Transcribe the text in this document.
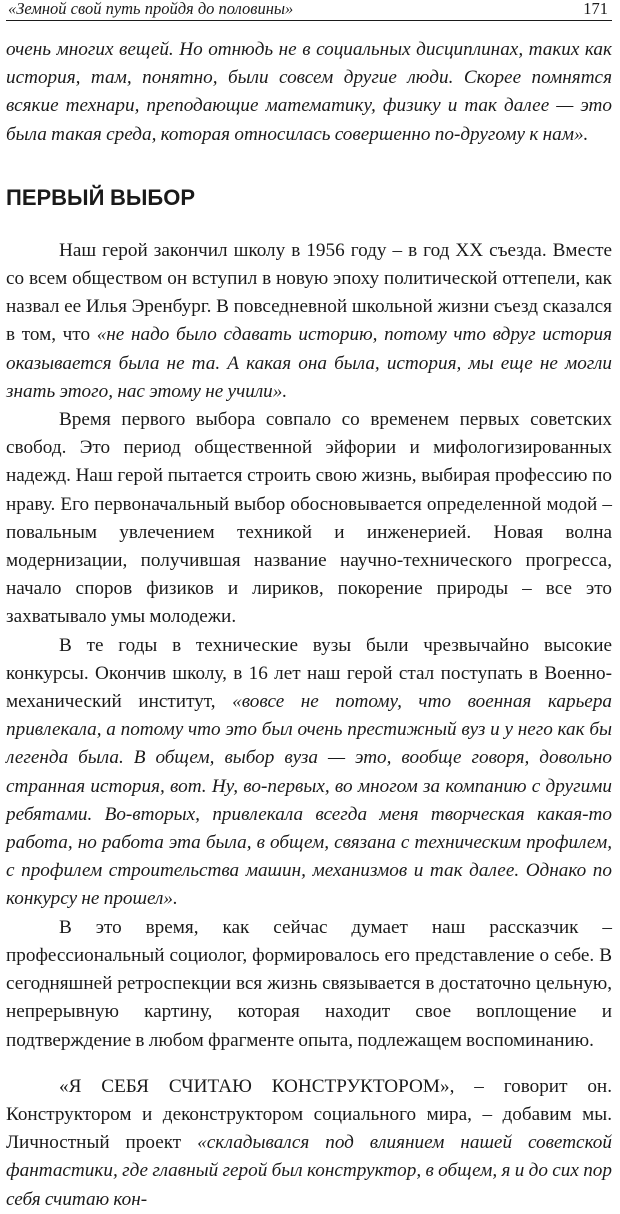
«Земной свой путь пройдя до половины»	171

очень многих вещей. Но отнюдь не в социальных дисциплинах, таких как история, там, понятно, были совсем другие люди. Скорее помнятся всякие технари, преподающие математику, физику и так далее — это была такая среда, которая относилась совершенно по-другому к нам».

ПЕРВЫЙ ВЫБОР

Наш герой закончил школу в 1956 году – в год XX съезда. Вместе со всем обществом он вступил в новую эпоху политической оттепели, как назвал ее Илья Эренбург. В повседневной школьной жизни съезд сказался в том, что «не надо было сдавать историю, потому что вдруг история оказывается была не та. А какая она была, история, мы еще не могли знать этого, нас этому не учили».

Время первого выбора совпало со временем первых советских свобод. Это период общественной эйфории и мифологизированных надежд. Наш герой пытается строить свою жизнь, выбирая профессию по нраву. Его первоначальный выбор обосновывается определенной модой – повальным увлечением техникой и инженерией. Новая волна модернизации, получившая название научно-технического прогресса, начало споров физиков и лириков, покорение природы – все это захватывало умы молодежи.

В те годы в технические вузы были чрезвычайно высокие конкурсы. Окончив школу, в 16 лет наш герой стал поступать в Военно-механический институт, «вовсе не потому, что военная карьера привлекала, а потому что это был очень престижный вуз и у него как бы легенда была. В общем, выбор вуза — это, вообще говоря, довольно странная история, вот. Ну, во-первых, во многом за компанию с другими ребятами. Во-вторых, привлекала всегда меня творческая какая-то работа, но работа эта была, в общем, связана с техническим профилем, с профилем строительства машин, механизмов и так далее. Однако по конкурсу не прошел».

В это время, как сейчас думает наш рассказчик – профессиональный социолог, формировалось его представление о себе. В сегодняшней ретроспекции вся жизнь связывается в достаточно цельную, непрерывную картину, которая находит свое воплощение и подтверждение в любом фрагменте опыта, подлежащем воспоминанию.

«Я СЕБЯ СЧИТАЮ КОНСТРУКТОРОМ», – говорит он. Конструктором и деконструктором социального мира, – добавим мы. Личностный проект «складывался под влиянием нашей советской фантастики, где главный герой был конструктор, в общем, я и до сих пор себя считаю кон-
